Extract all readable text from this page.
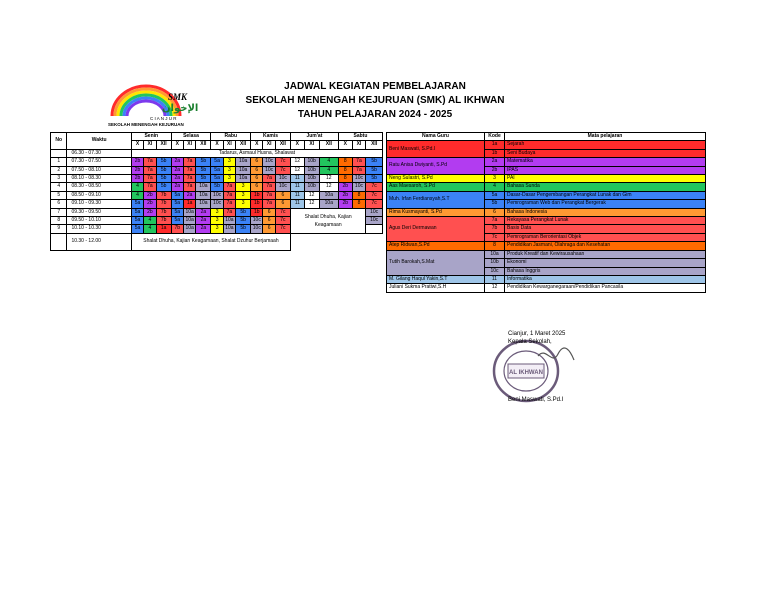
SMK
الإخوان
C I A N J U R
SEKOLAH MENENGAH KEJURUAN
JADWAL KEGIATAN PEMBELAJARAN
SEKOLAH MENENGAH KEJURUAN (SMK) AL IKHWAN
TAHUN PELAJARAN 2024 - 2025
No	Waktu	Senin			Selasa			Rabu			Kamis			Jum'at			Sabtu		
		X	XI	XII	X	XI	XII	X	XI	XII	X	XI	XII	X	XI	XII	X	XI	XII
	06.30 - 07.30	Tadarus, Asmaul Husna, Shalawat																	
1	07.30 - 07.50	2b	7a	5b	2a	7a	5b	5a	3	10a	6	10c	7c	12	10b	4	8	7a	5b
2	07.50 - 08.10	2b	7a	5b	2a	7a	5b	5a	3	10a	6	10c	7c	12	10b	4	8	7a	5b
3	08.10 - 08.30	2b	7a	5b	2a	7a	5b	5a	3	10a	6	7a	10c	11	10b	12	8	10c	5b
4	08.30 - 08.50	4	7a	5b	2a	7a	10a	5b	7a	3	6	7a	10c	11	10b	12	2b	10c	7c
5	08.50 - 09.10	4	2b	7b	5a	2a	10a	10c	7a	3	1b	7a	6	11	12	10a	2b	8	7c
6	09.10 - 09.30	5a	2b	7b	5a	1a	10a	10c	7a	3	1b	7a	6	11	12	10a	2b	8	7c
7	09.30 - 09.50	5a	2b	7b	5a	10a	2a	3	7a	5b	1b	6	7c	Shalat Dhuha, Kajian Keagamaan					10c
8	09.50 - 10.10	5a	4	7b	5a	10a	2a	3	10a	5b	10c	6	7c						10c
9	10.10 - 10.30	5a	4	1a	7b	10a	2a	3	10a	5b	10c	6	7c						
	10.30 - 12.00	Shalat Dhuha, Kajian Keagamaan, Shalat Dzuhur Berjamaah																	
Nama Guru	Kode	Mata pelajaran
Beni Maswati, S.Pd.I	1a	Sejarah
	1b	Seni Budaya
Ratu Anisa Dwiyanti, S.Pd	2a	Matematika
	2b	IPAS
Neng Sulastri, S.Pd	3	PAI
Aas Maesaroh, S.Pd	4	Bahasa Sunda
Muh. Irfan Ferdiansyah,S.T	5a	Dasar-Dasar Pengembangan Perangkat Lunak dan Gim
	5b	Pemrograman Web dan Perangkat Bergerak
Rima Kusmayanti, S.Pd	6	Bahasa Indonesia
Agus Deri Dermawan	7a	Rekayasa Perangkat Lunak
	7b	Basis Data
	7c	Pemrograman Berorientasi Objek
Atep Ridwan,S.Pd	8	Pendidikan Jasmani, Olahraga dan Kesehatan
Tutih Barokah,S.Mat	10a	Produk Kreatif dan Kewirausahaan
	10b	Ekonomi
	10c	Bahasa Inggris
M. Gilang Haqul Yakin,S.T	11	Informatika
Juliani Sukma Pratiwi,S.H	12	Pendidikan Kewarganegaraan/Pendidikan Pancasila
AL IKHWAN
Cianjur, 1 Maret 2025
Kepala Sekolah,
Beni Maswati, S.Pd.I
